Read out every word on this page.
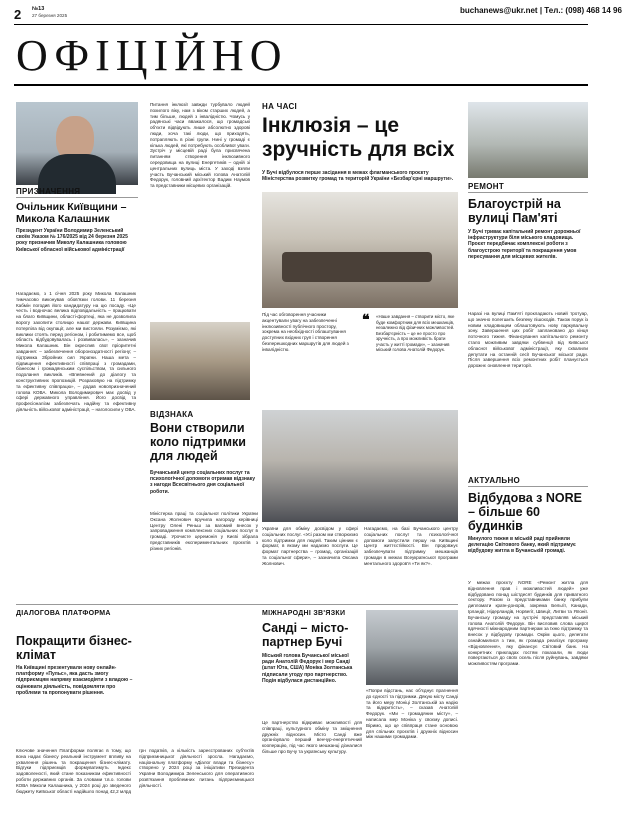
2 №13
27 березня 2025
buchanews@ukr.net | Тел.: (098) 468 14 96
ОФІЦІЙНО
ПРИЗНАЧЕННЯ
Очільник Київщини – Микола Калашник
Президент України Володимир Зеленський своїм Указом № 176/2025 від 24 березня 2025 року призначив Миколу Калашника головою Київської обласної військової адміністрації
Нагадаємо, з 1 січня 2025 року Микола Калашник тимчасово виконував обов'язки голови. 11 березня Кабмін погодив його кандидатуру на цю посаду. «Це честь і водночас велика відповідальність – працювати на благо Київщини, області-фортеці, яка не дозволила ворогу захопити столицю нашої держави. Київщина потерпіла від окупації, але ми вистояли. Розуміємо, які виклики стоять перед регіоном, і робитимемо все, щоб область відбудовувалась і розвивалась», – зазначив Микола Калашник. Він окреслив свої пріоритетні завдання: – забезпечення обороноздатності регіону; – підтримка Збройних сил України. Наша мета – підвищення ефективності співпраці з громадами, бізнесом і громадянським суспільством, та сильного подолання викликів. «Впевнений до діалогу та конструктивних пропозицій. Розраховую на підтримку та ефективну співпрацю», – додав новопризначений голова КОВА. Микола Володимирович має досвід у сфері державного управління. Його досвід та професіоналізм забезпечать надійну та ефективну діяльність військової адміністрації, – наголосили у ОВА.
Питання інклюзії завжди турбувало людей похилого віку, нам з віком старших людей, а тим більше, людей з інвалідністю. Чомусь у радянські часи вважалося, що громадські об'єкти відвідують лише абсолютно здорові люди, хоча такі люди, що приходять, потрапляють в різні групи. Нині у громаді є кілька людей, які потребують особливої уваги. Зустріч у місцевій раді була присвячена питанням створення інклюзивного середовища на вулиці Енергетиків – одній зі центральних вулиць міста. У заході взяли участь Бучанський міський голова Анатолій Федорук, головний архітектор Вадим Наумов та представники місцевих організацій.
НА ЧАСІ
Інклюзія – це зручність для всіх
У Бучі відбулося перше засідання в межах флагманського проєкту Міністерства розвитку громад та територій України «Безбар'єрні маршрути».
Під час обговорення учасники акцентували увагу на забезпеченні інклюзивності публічного простору, зокрема на необхідності облаштування доступних вхідних груп і створення безперешкодних маршрутів для людей з інвалідністю.
❝ «Наше завдання – створити місто, яке буде комфортним для всіх мешканців, незалежно від фізичних можливостей. Безбар'єрність – це не просто про зручність, а про можливість брати участь у житті громади», – зазначив міський голова Анатолій Федорук.
РЕМОНТ
Благоустрій на вулиці Пам'яті
У Бучі триває капітальний ремонт дорожньої інфраструктури біля міського кладовища. Проєкт передбачає комплексні роботи з благоустрою території та покращення умов пересування для місцевих жителів.
Наразі на вулиці Пам'яті прокладають новий тротуар, що значно полегшить безпеку пішоходів. Також порук із новим кладовищем облаштовують нову паркувальну зону. Завершення цих робіт заплановано до кінця поточного тижня. Фінансування капітального ремонту стало можливим завдяки субвенції від Київської обласної військової адміністрації, яку схвалили депутати на останній сесії Бучанської міської ради. Після завершення всіх ремонтних робіт планується дорожнє оновлення території.
ВІДЗНАКА
Вони створили коло підтримки для людей
Бучанський центр соціальних послуг та психологічної допомоги отримав відзнаку з нагоди Всесвітнього дня соціальної роботи.
Міністерка праці та соціальної політики України Оксана Жолнович вручила нагороду керівниці Центру Олені Реньш за вагомий внесок у запровадження комплексних соціальних послуг в громаді. Урочисте церемонія у Києві зібрала представників експериментальних проєктів з різних регіонів.
України для обміну досвідом у сфері соціальних послуг. «Усі разом ми створюємо коло підтримки для людей. Таким цінним є формат, в якому ми надаємо послуги. Це формат партнерства – громад, організацій та соціальної сфери», – зазначила Оксана Жолнович.
Нагадаємо, на базі Бучанського центру соціальних послуг та психологічної допомоги запустили першу на Київщині Центр життєстійкості. Він продовжує забезпечувати підтримку мешканців громади в межах Всеукраїнської програми ментального здоров'я «Ти як?».
АКТУАЛЬНО
Відбудова з NORE – більше 60 будинків
Минулого тижня в міській раді прийняли делегацію Світового банку, який підтримує відбудову житла в Бучанській громаді.
У межах проєкту NORE «Ремонт житла для відновлення прав і можливостей людей» уже відбудовано понад шістдесят будинків для приватного сектору. Разом із представниками банку прибули дипломати країн-донорів, зокрема Бельгії, Канади, Ірландії, Нідерландів, Норвегії, Швеції, Литви та Японії. Бучанську громаду на зустрічі представляв міський голова Анатолій Федорук. Він висловив слова щирої вдячності міжнародним партнерам за їхню підтримку та внесок у відбудову громади. Окрім цього, делегати ознайомилися з тим, як громада реалізує програму «Відновлення», яку фінансує Світовий банк. На конкретних прикладах гостям показали, як люди повертаються до своїх осель після руйнувань, завдяки можливостям програми.
ДІАЛОГОВА ПЛАТФОРМА
Покращити бізнес-клімат
На Київщині презентували нову онлайн-платформу «Пульс», яка дасть змогу підприємцям напряму взаємодіяти з владою – оцінювати діяльність, повідомляти про проблеми та пропонувати рішення.
Ключове значення Платформи полягає в тому, що вона надає бізнесу реальний інструмент впливу на ухвалення рішень та покращення бізнес-клімату. Відгуки підприємців формуватимуть Індекс задоволеності, який стане показником ефективності роботи державних органів. За словами т.в.о. голови КОВА Миколи Калашника, у 2024 році до зведеного бюджету Київської області надійшло понад 42,2 млрд грн податків, а кількість зареєстрованих суб'єктів підприємницької діяльності зросла. Нагадаємо, національну платформу «Діалог влади та бізнесу» створено у 2024 році за ініціативи Президента України Володимира Зеленського для оперативного розв'язання проблемних питань підприємницької діяльності.
МІЖНАРОДНІ ЗВ'ЯЗКИ
Санді – місто-партнер Бучі
Міський голова Бучанської міської ради Анатолій Федорук і мер Санді (штат Юта, США) Моніка Золтанська підписали угоду про партнерство. Подія відбулася дистанційно.
Це партнерство відкриває можливості для співпраці, культурного обміну та зміцнення дружніх відносин. Місто Санді вже організувало перший венчур-енергетичний кооперацію, під час якого мешканці дізналися більше про Бучу та українську культуру.
«Попри відстань, нас об'єднує прагнення до єдності та підтримки. Дякую місту Санді та його меру Моніці Золтанській за надію та відкритість», – сказав Анатолій Федорук. «Ми – громадянин місту», – написала мер Моніка у своєму дописі. Віримо, що це співпраця стане основою для спільних проєктів і дружніх відносин між нашими громадами.
